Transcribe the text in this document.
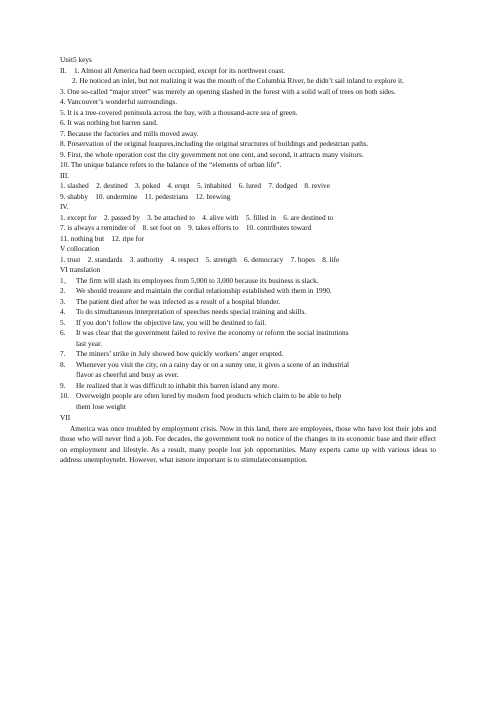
Unit5 keys
II. 1. Almost all America had been occupied, except for its northwest coast.
2. He noticed an inlet, but not realizing it was the mouth of the Columbia River, he didn’t sail inland to explore it.
3. One so-called “major street” was merely an opening slashed in the forest with a solid wall of trees on both sides.
4. Vancouver’s wonderful surroundings.
5. It is a tree-covered peninsula across the bay, with a thousand-acre sea of green.
6. It was nothing but barren sand.
7. Because the factories and mills moved away.
8. Preservation of the original feaqures,including the original structures of buildings and pedestrian paths.
9. First, the whole operation cost the city government not one cent, and second, it attracts many visitors.
10. The unique balance refers to the balance of the “elements of urban life”.
III.
1. slashed    2. destined    3. poked    4. erupt    5. inhabited    6. lured    7. dodged    8. revive
9. shabby    10. undermine    11. pedestrians    12. brewing
IV.
1. except for    2. passed by    3. be attached to    4. alive with    5. filled in    6. are destined to
7. is always a reminder of    8. set foot on    9. takes efforts to    10. contributes toward
11. nothing but    12. ripe for
V collocation
1. trust    2. standards    3. authority    4. respect    5. strength    6. democracy    7. hopes    8. life
VI translation
1、 The firm will slash its employees from 5,000 to 3,000 because its business is slack.
2.	We should treasure and maintain the cordial relationship established with them in 1990.
3.	The patient died after he was infected as a result of a hospital blunder.
4.	To do simultaneous interpretation of speeches needs special training and skills.
5.	If you don’t follow the objective law, you will be destined to fail.
6.	It was clear that the government failed to revive the economy or reform the social institutions
last year.
7.	The miners’ strike in July showed how quickly workers’ anger erupted.
8.	Whenever you visit the city, on a rainy day or on a sunny one, it gives a scene of an industrial
flavor as cheerful and busy as ever.
9.	He realized that it was difficult to inhabit this barren island any more.
10. Overweight people are often lured by modern food products which claim to be able to help
them lose weight
VII
America was once troubled by employment crisis. Now in this land, there are employees, those who have lost their jobs and those who will never find a job. For decades, the government took no notice of the changes in its economic base and their effect on employment and lifestyle. As a result, many people lost job opportunities. Many experts came up with various ideas to address unemploynebt. However, what ismore important is to stimulateconsumption.
